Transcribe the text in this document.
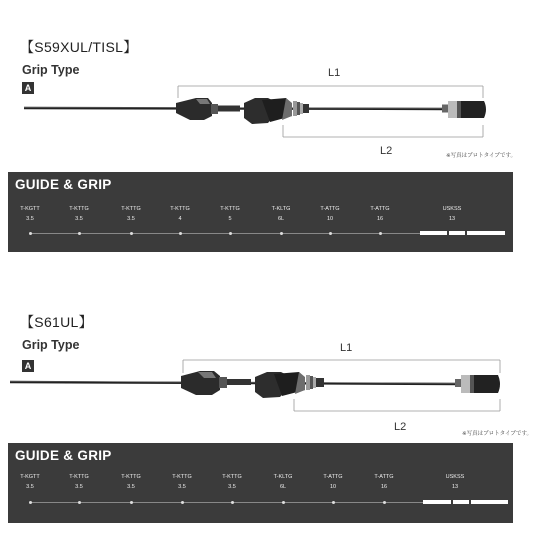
【S59XUL/TISL】
Grip Type
A
L1
L2	※写真はプロトタイプです。
GUIDE & GRIP
T-KGTT
3.5
T-KTTG
3.5
T-KTTG
3.5
T-KTTG
4
T-KTTG
5
T-KLTG
6L
T-ATTG
10
T-ATTG
16
USKSS
13
【S61UL】
Grip Type
A
L1
L2
※写真はプロトタイプです。
GUIDE & GRIP
T-KGTT
3.5
T-KTTG
3.5
T-KTTG
3.5
T-KTTG
3.5
T-KTTG
3.5
T-KLTG
6L
T-ATTG
10
T-ATTG
16
USKSS
13
